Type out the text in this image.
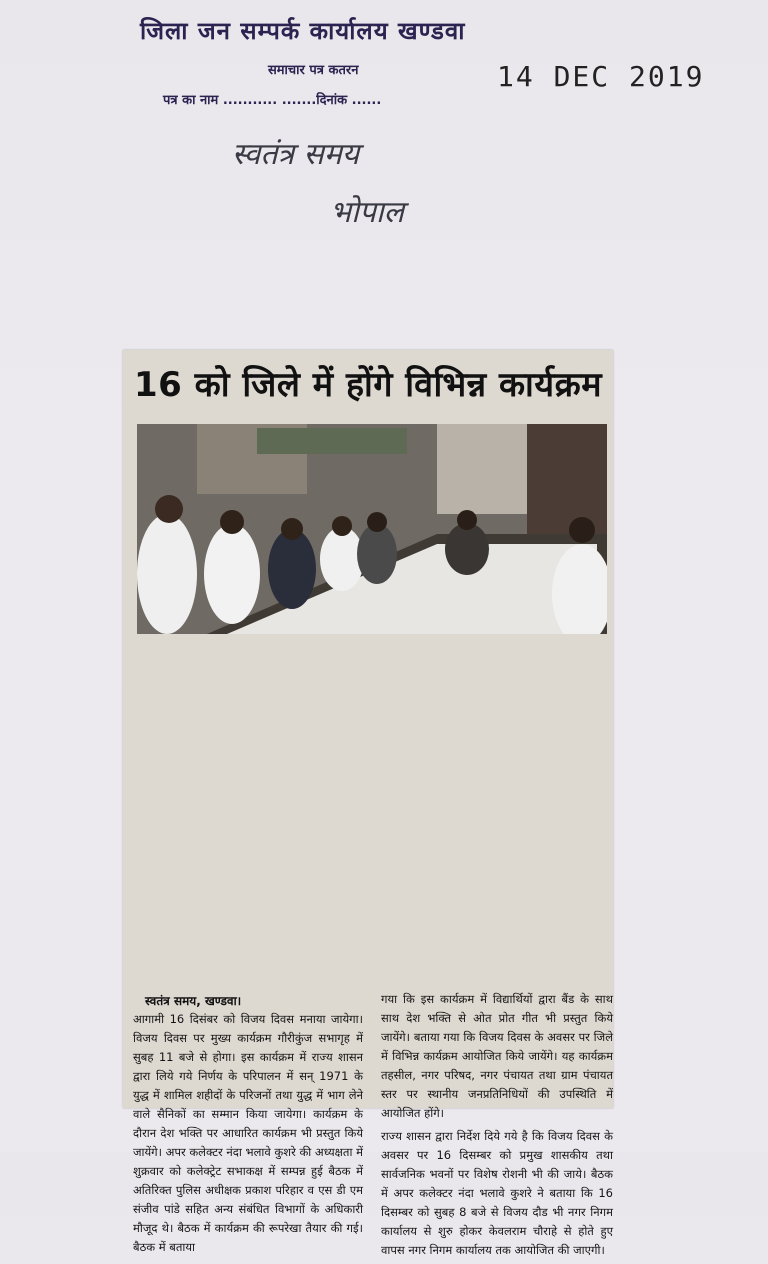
जिला जन सम्पर्क कार्यालय खण्डवा
समाचार पत्र कतरन
पत्र का नाम ........... .......दिनांक ......
14 DEC 2019
स्वतंत्र समय
भोपाल
16 को जिले में होंगे विभिन्न कार्यक्रम
स्वतंत्र समय, खण्डवा।

आगामी 16 दिसंबर को विजय दिवस मनाया जायेगा। विजय दिवस पर मुख्य कार्यक्रम गौरीकुंज सभागृह में सुबह 11 बजे से होगा। इस कार्यक्रम में राज्य शासन द्वारा लिये गये निर्णय के परिपालन में सन् 1971 के युद्ध में शामिल शहीदों के परिजनों तथा युद्ध में भाग लेने वाले सैनिकों का सम्मान किया जायेगा। कार्यक्रम के दौरान देश भक्ति पर आधारित कार्यक्रम भी प्रस्तुत किये जायेंगे। अपर कलेक्टर नंदा भलावे कुशरे की अध्यक्षता में शुक्रवार को कलेक्ट्रेट सभाकक्ष में सम्पन्न हुई बैठक में अतिरिक्त पुलिस अधीक्षक प्रकाश परिहार व एस डी एम संजीव पांडे सहित अन्य संबंधित विभागों के अधिकारी मौजूद थे। बैठक में कार्यक्रम की रूपरेखा तैयार की गई। बैठक में बताया

गया कि इस कार्यक्रम में विद्यार्थियों द्वारा बैंड के साथ साथ देश भक्ति से ओत प्रोत गीत भी प्रस्तुत किये जायेंगे। बताया गया कि विजय दिवस के अवसर पर जिले में विभिन्न कार्यक्रम आयोजित किये जायेंगे। यह कार्यक्रम तहसील, नगर परिषद, नगर पंचायत तथा ग्राम पंचायत स्तर पर स्थानीय जनप्रतिनिधियों की उपस्थिति में आयोजित होंगे।

राज्य शासन द्वारा निर्देश दिये गये है कि विजय दिवस के अवसर पर 16 दिसम्बर को प्रमुख शासकीय तथा सार्वजनिक भवनों पर विशेष रोशनी भी की जाये। बैठक में अपर कलेक्टर नंदा भलावे कुशरे ने बताया कि 16 दिसम्बर को सुबह 8 बजे से विजय दौड भी नगर निगम कार्यालय से शुरु होकर केवलराम चौराहे से होते हुए वापस नगर निगम कार्यालय तक आयोजित की जाएगी।
